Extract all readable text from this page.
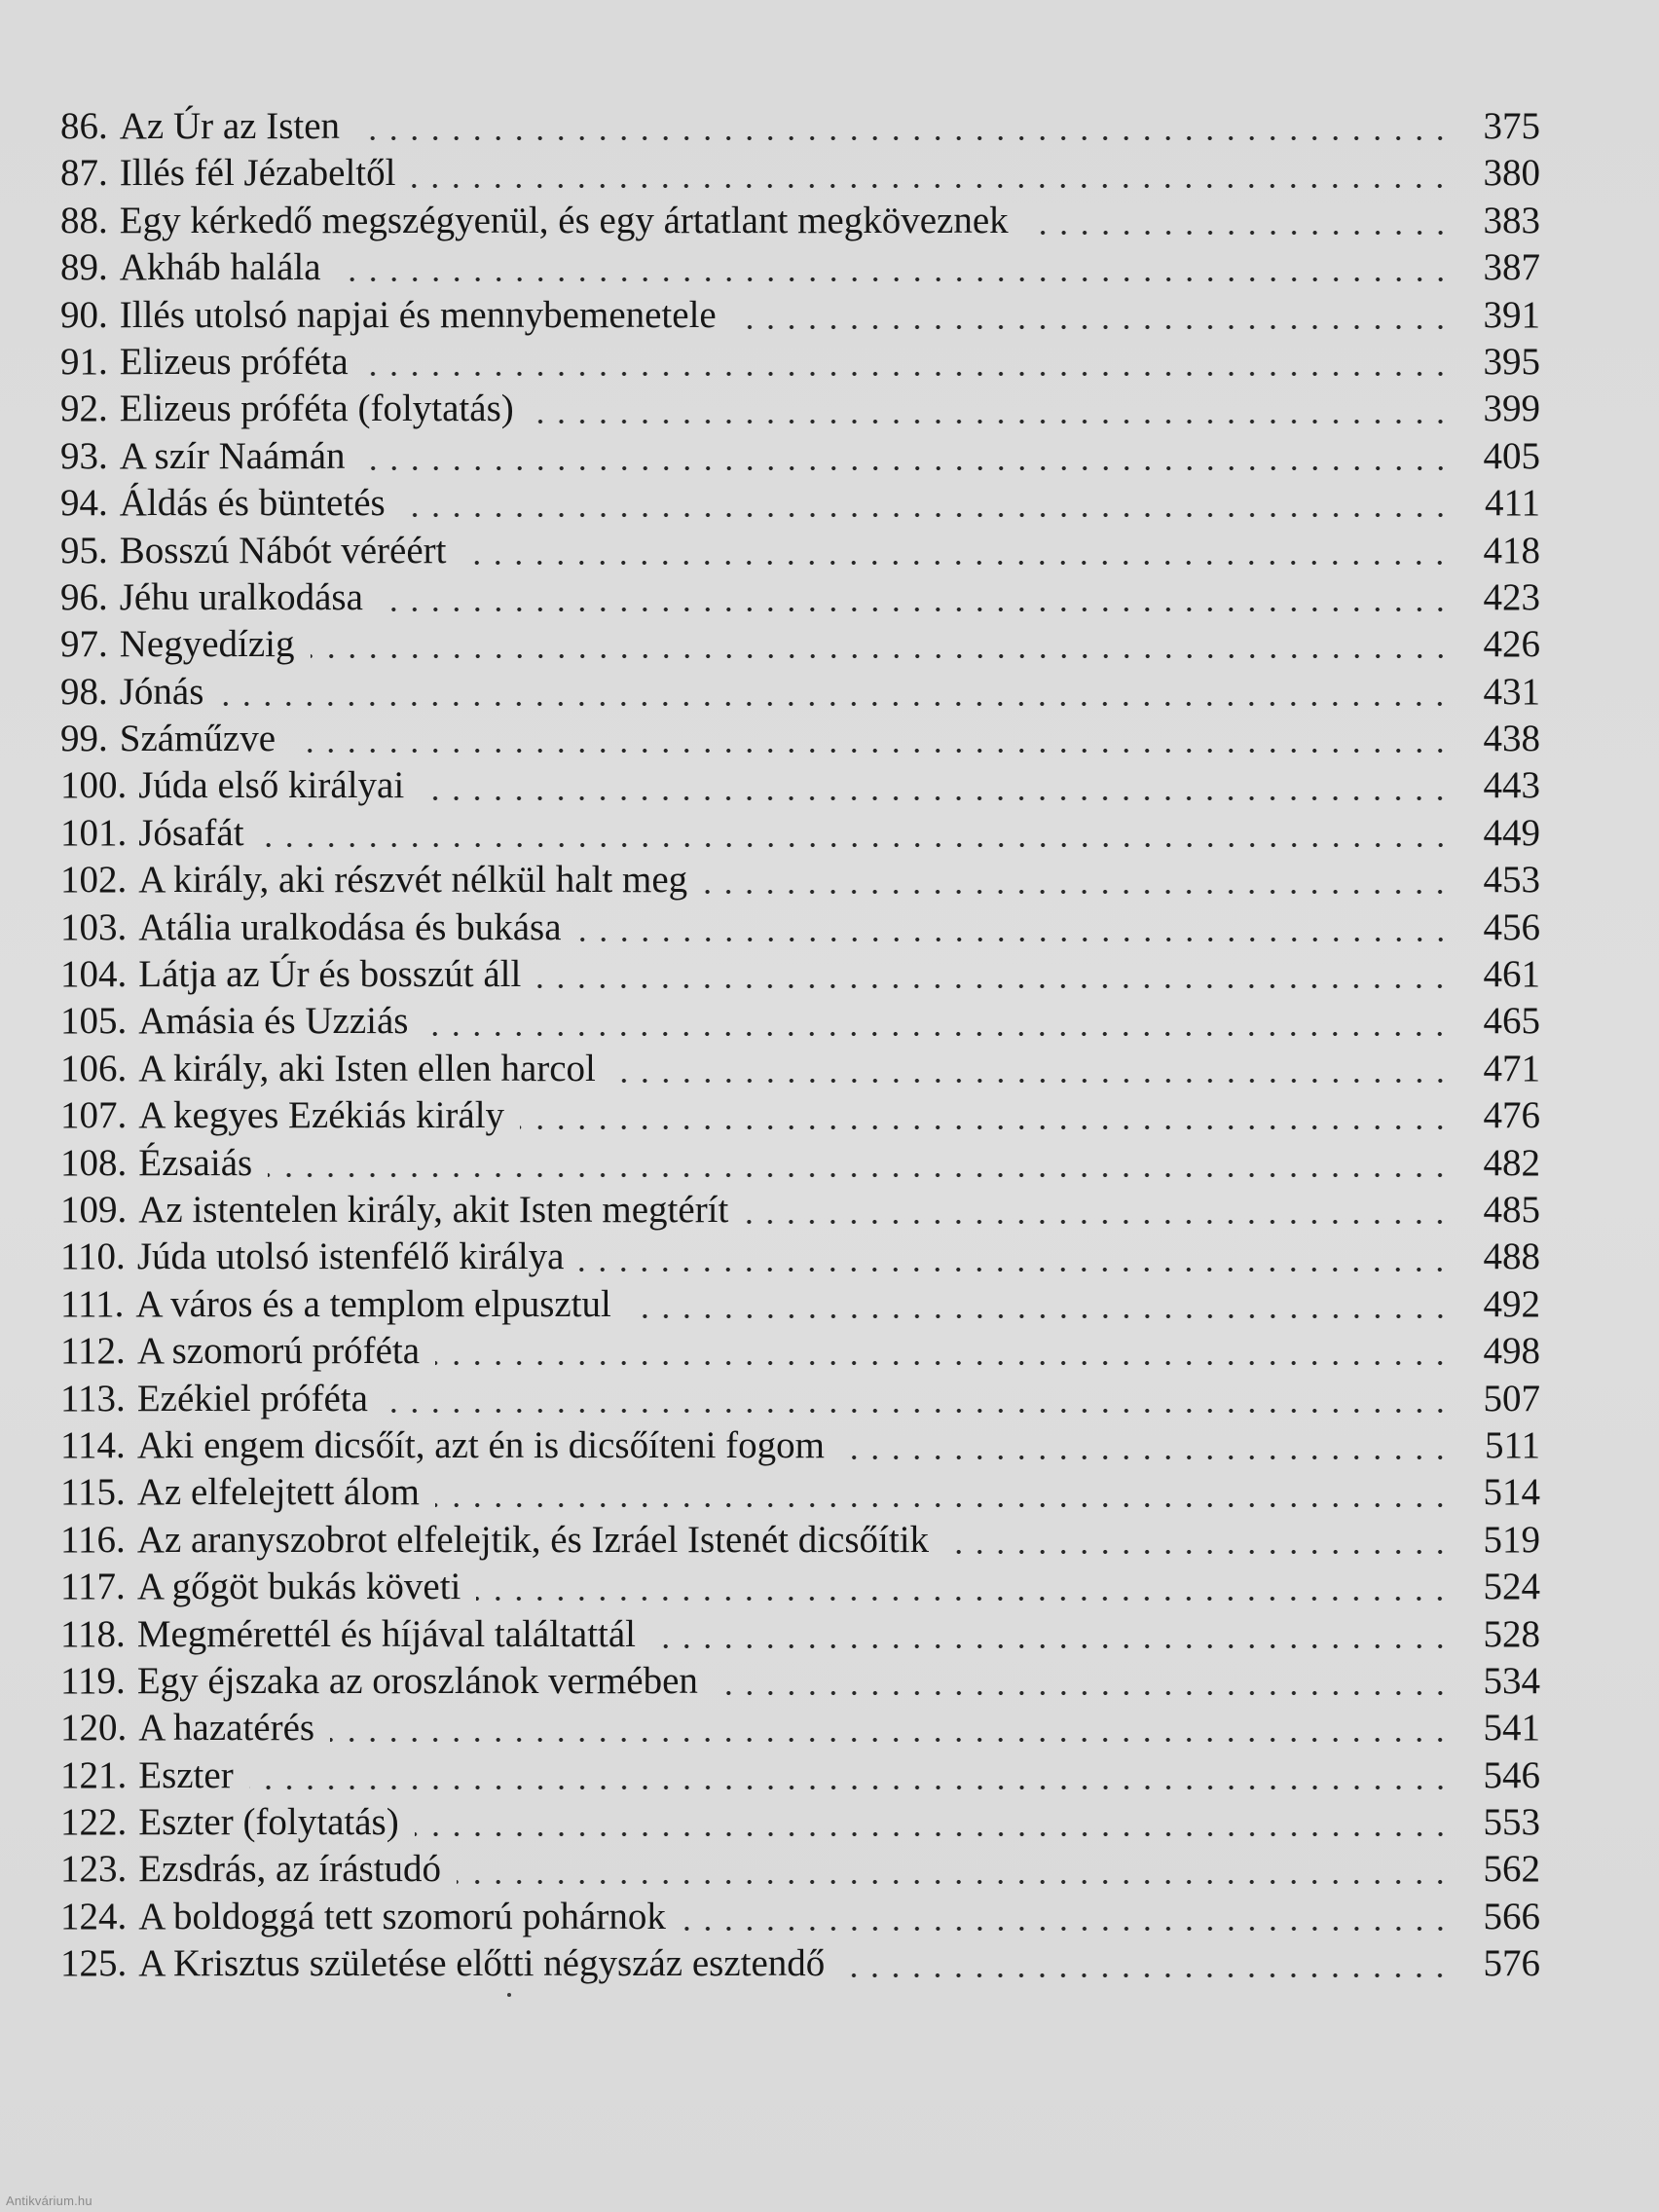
86. Az Úr az Isten	375
87. Illés fél Jézabeltől	380
88. Egy kérkedő megszégyenül, és egy ártatlant megköveznek	383
89. Akháb halála	387
90. Illés utolsó napjai és mennybemenetele	391
91. Elizeus próféta	395
92. Elizeus próféta (folytatás)	399
93. A szír Naámán	405
94. Áldás és büntetés	411
95. Bosszú Nábót véréért	418
96. Jéhu uralkodása	423
97. Negyedízig	426
98. Jónás	431
99. Száműzve	438
100. Júda első királyai	443
101. Jósafát	449
102. A király, aki részvét nélkül halt meg	453
103. Atália uralkodása és bukása	456
104. Látja az Úr és bosszút áll	461
105. Amásia és Uzziás	465
106. A király, aki Isten ellen harcol	471
107. A kegyes Ezékiás király	476
108. Ézsaiás	482
109. Az istentelen király, akit Isten megtérít	485
110. Júda utolsó istenfélő királya	488
111. A város és a templom elpusztul	492
112. A szomorú próféta	498
113. Ezékiel próféta	507
114. Aki engem dicsőít, azt én is dicsőíteni fogom	511
115. Az elfelejtett álom	514
116. Az aranyszobrot elfelejtik, és Izráel Istenét dicsőítik	519
117. A gőgöt bukás követi	524
118. Megmérettél és híjával találtattál	528
119. Egy éjszaka az oroszlánok vermében	534
120. A hazatérés	541
121. Eszter	546
122. Eszter (folytatás)	553
123. Ezsdrás, az írástudó	562
124. A boldoggá tett szomorú pohárnok	566
125. A Krisztus születése előtti négyszáz esztendő	576
Antikvárium.hu
